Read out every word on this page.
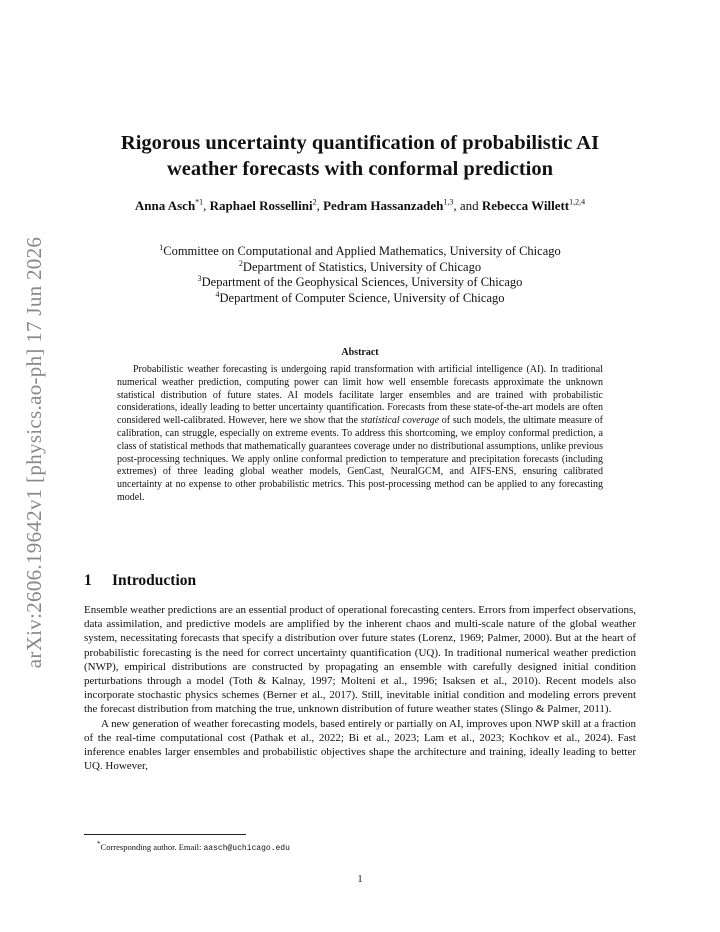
arXiv:2606.19642v1 [physics.ao-ph] 17 Jun 2026
Rigorous uncertainty quantification of probabilistic AI
weather forecasts with conformal prediction
Anna Asch$^{*1}$, Raphael Rossellini$^2$, Pedram Hassanzadeh$^{1,3}$, and Rebecca Willett$^{1,2,4}$
$^1$Committee on Computational and Applied Mathematics, University of Chicago
$^2$Department of Statistics, University of Chicago
$^3$Department of the Geophysical Sciences, University of Chicago
$^4$Department of Computer Science, University of Chicago
Abstract
Probabilistic weather forecasting is undergoing rapid transformation with artificial intelligence (AI). In traditional numerical weather prediction, computing power can limit how well ensemble forecasts approximate the unknown statistical distribution of future states. AI models facilitate larger ensembles and are trained with probabilistic considerations, ideally leading to better uncertainty quantification. Forecasts from these state-of-the-art models are often considered well-calibrated. However, here we show that the statistical coverage of such models, the ultimate measure of calibration, can struggle, especially on extreme events. To address this shortcoming, we employ conformal prediction, a class of statistical methods that mathematically guarantees coverage under no distributional assumptions, unlike previous post-processing techniques. We apply online conformal prediction to temperature and precipitation forecasts (including extremes) of three leading global weather models, GenCast, NeuralGCM, and AIFS-ENS, ensuring calibrated uncertainty at no expense to other probabilistic metrics. This post-processing method can be applied to any forecasting model.
1 Introduction

Ensemble weather predictions are an essential product of operational forecasting centers. Errors from imperfect observations, data assimilation, and predictive models are amplified by the inherent chaos and multi-scale nature of the global weather system, necessitating forecasts that specify a distribution over future states (Lorenz, 1969; Palmer, 2000). But at the heart of probabilistic forecasting is the need for correct uncertainty quantification (UQ). In traditional numerical weather prediction (NWP), empirical distributions are constructed by propagating an ensemble with carefully designed initial condition perturbations through a model (Toth & Kalnay, 1997; Molteni et al., 1996; Isaksen et al., 2010). Recent models also incorporate stochastic physics schemes (Berner et al., 2017). Still, inevitable initial condition and modeling errors prevent the forecast distribution from matching the true, unknown distribution of future weather states (Slingo & Palmer, 2011).

A new generation of weather forecasting models, based entirely or partially on AI, improves upon NWP skill at a fraction of the real-time computational cost (Pathak et al., 2022; Bi et al., 2023; Lam et al., 2023; Kochkov et al., 2024). Fast inference enables larger ensembles and probabilistic objectives shape the architecture and training, ideally leading to better UQ. However,

*Corresponding author. Email: aasch@uchicago.edu
1
